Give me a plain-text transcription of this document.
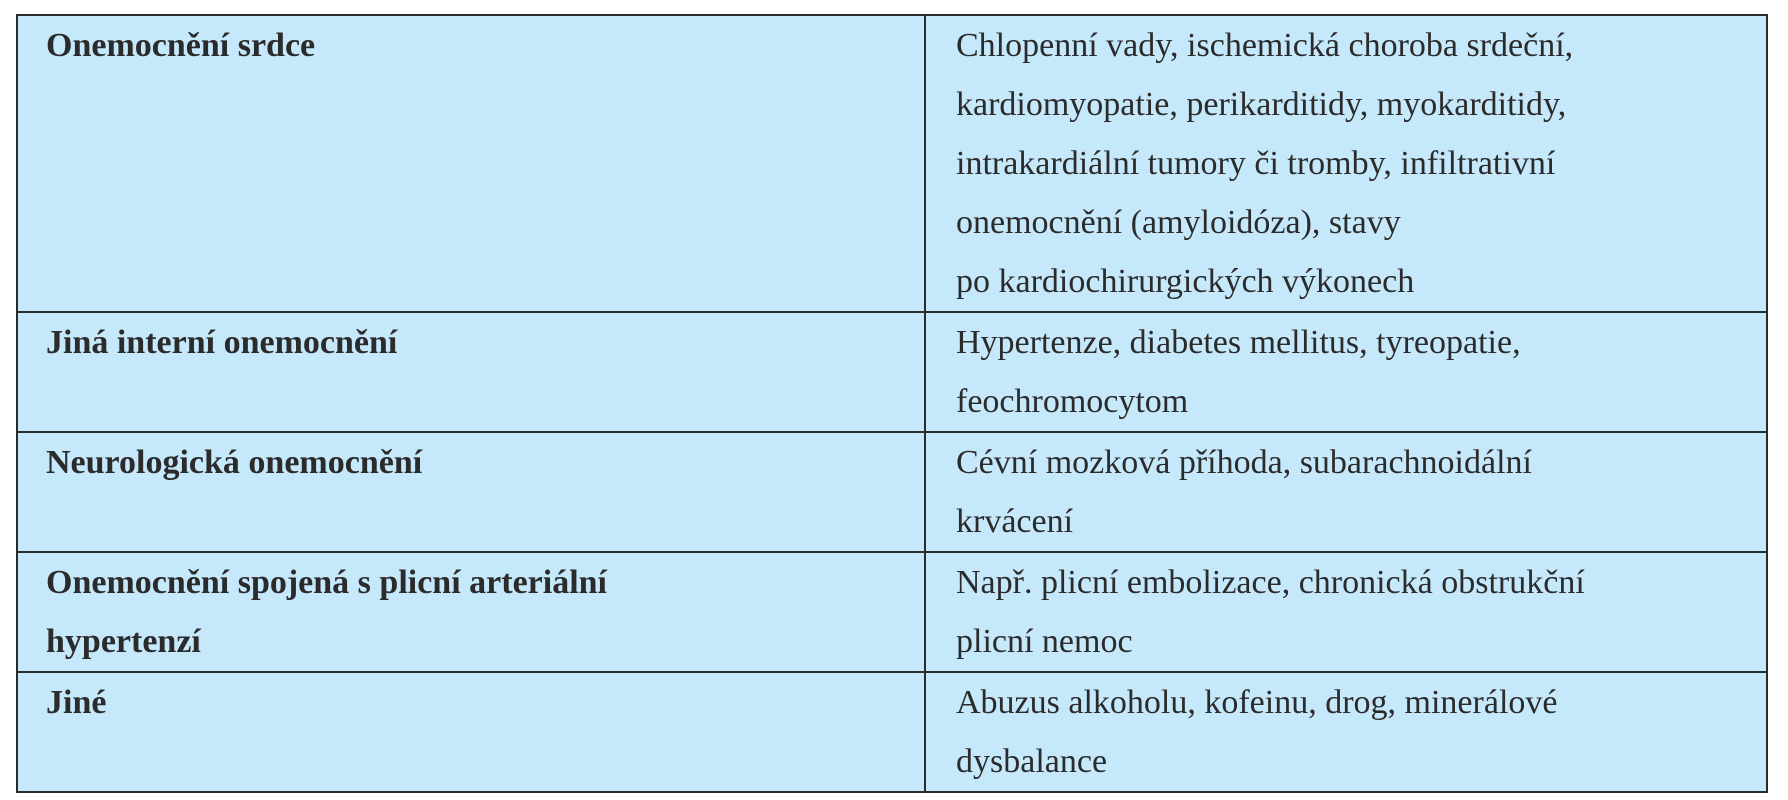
Onemocnění srdce	Chlopenní vady, ischemická choroba srdeční,
kardiomyopatie, perikarditidy, myokarditidy,
intrakardiální tumory či tromby, infiltrativní
onemocnění (amyloidóza), stavy
po kardiochirurgických výkonech

Jiná interní onemocnění	Hypertenze, diabetes mellitus, tyreopatie,
feochromocytom

Neurologická onemocnění	Cévní mozková příhoda, subarachnoidální
krvácení

Onemocnění spojená s plicní arteriální
hypertenzí	Např. plicní embolizace, chronická obstrukční
plicní nemoc

Jiné	Abuzus alkoholu, kofeinu, drog, minerálové
dysbalance
